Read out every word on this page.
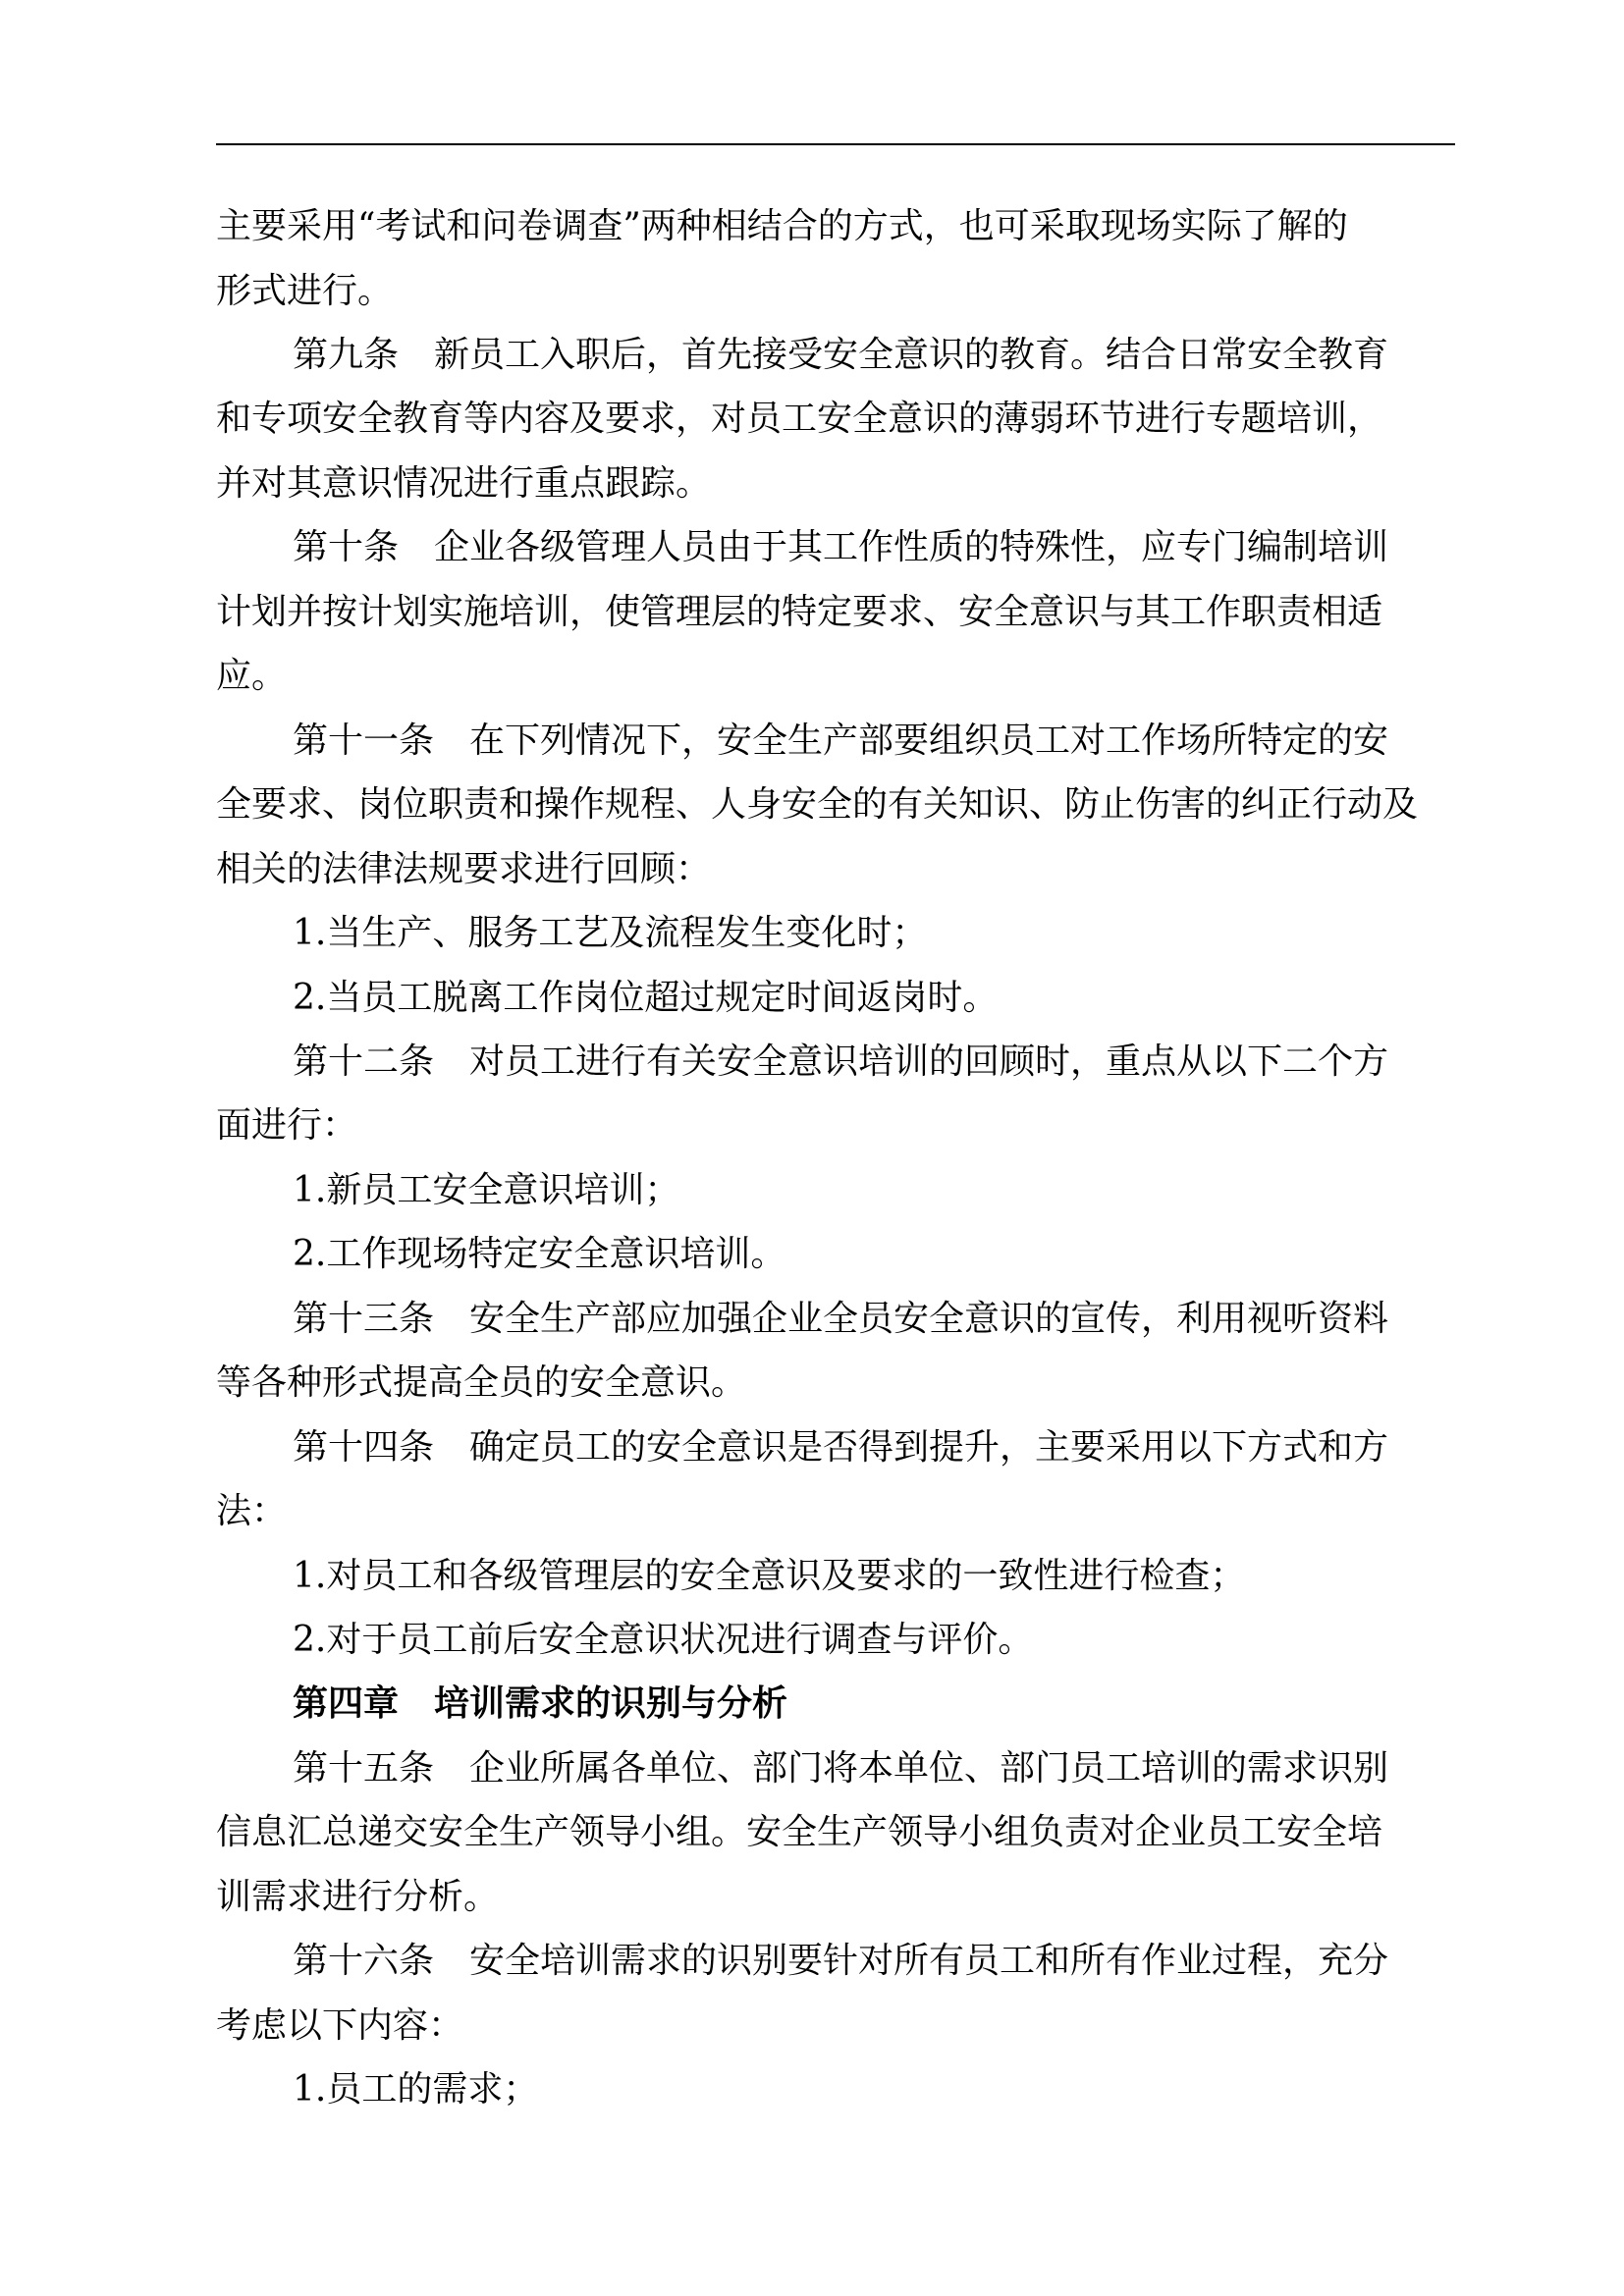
主要采用“考试和问卷调查”两种相结合的方式，也可采取现场实际了解的
形式进行。
第九条　新员工入职后，首先接受安全意识的教育。结合日常安全教育
和专项安全教育等内容及要求，对员工安全意识的薄弱环节进行专题培训，
并对其意识情况进行重点跟踪。
第十条　企业各级管理人员由于其工作性质的特殊性，应专门编制培训
计划并按计划实施培训，使管理层的特定要求、安全意识与其工作职责相适
应。
第十一条　在下列情况下，安全生产部要组织员工对工作场所特定的安
全要求、岗位职责和操作规程、人身安全的有关知识、防止伤害的纠正行动及
相关的法律法规要求进行回顾：
1.当生产、服务工艺及流程发生变化时；
2.当员工脱离工作岗位超过规定时间返岗时。
第十二条　对员工进行有关安全意识培训的回顾时，重点从以下二个方
面进行：
1.新员工安全意识培训；
2.工作现场特定安全意识培训。
第十三条　安全生产部应加强企业全员安全意识的宣传，利用视听资料
等各种形式提高全员的安全意识。
第十四条　确定员工的安全意识是否得到提升，主要采用以下方式和方
法：
1.对员工和各级管理层的安全意识及要求的一致性进行检查；
2.对于员工前后安全意识状况进行调查与评价。
第四章　培训需求的识别与分析
第十五条　企业所属各单位、部门将本单位、部门员工培训的需求识别
信息汇总递交安全生产领导小组。安全生产领导小组负责对企业员工安全培
训需求进行分析。
第十六条　安全培训需求的识别要针对所有员工和所有作业过程，充分
考虑以下内容：
1.员工的需求；
